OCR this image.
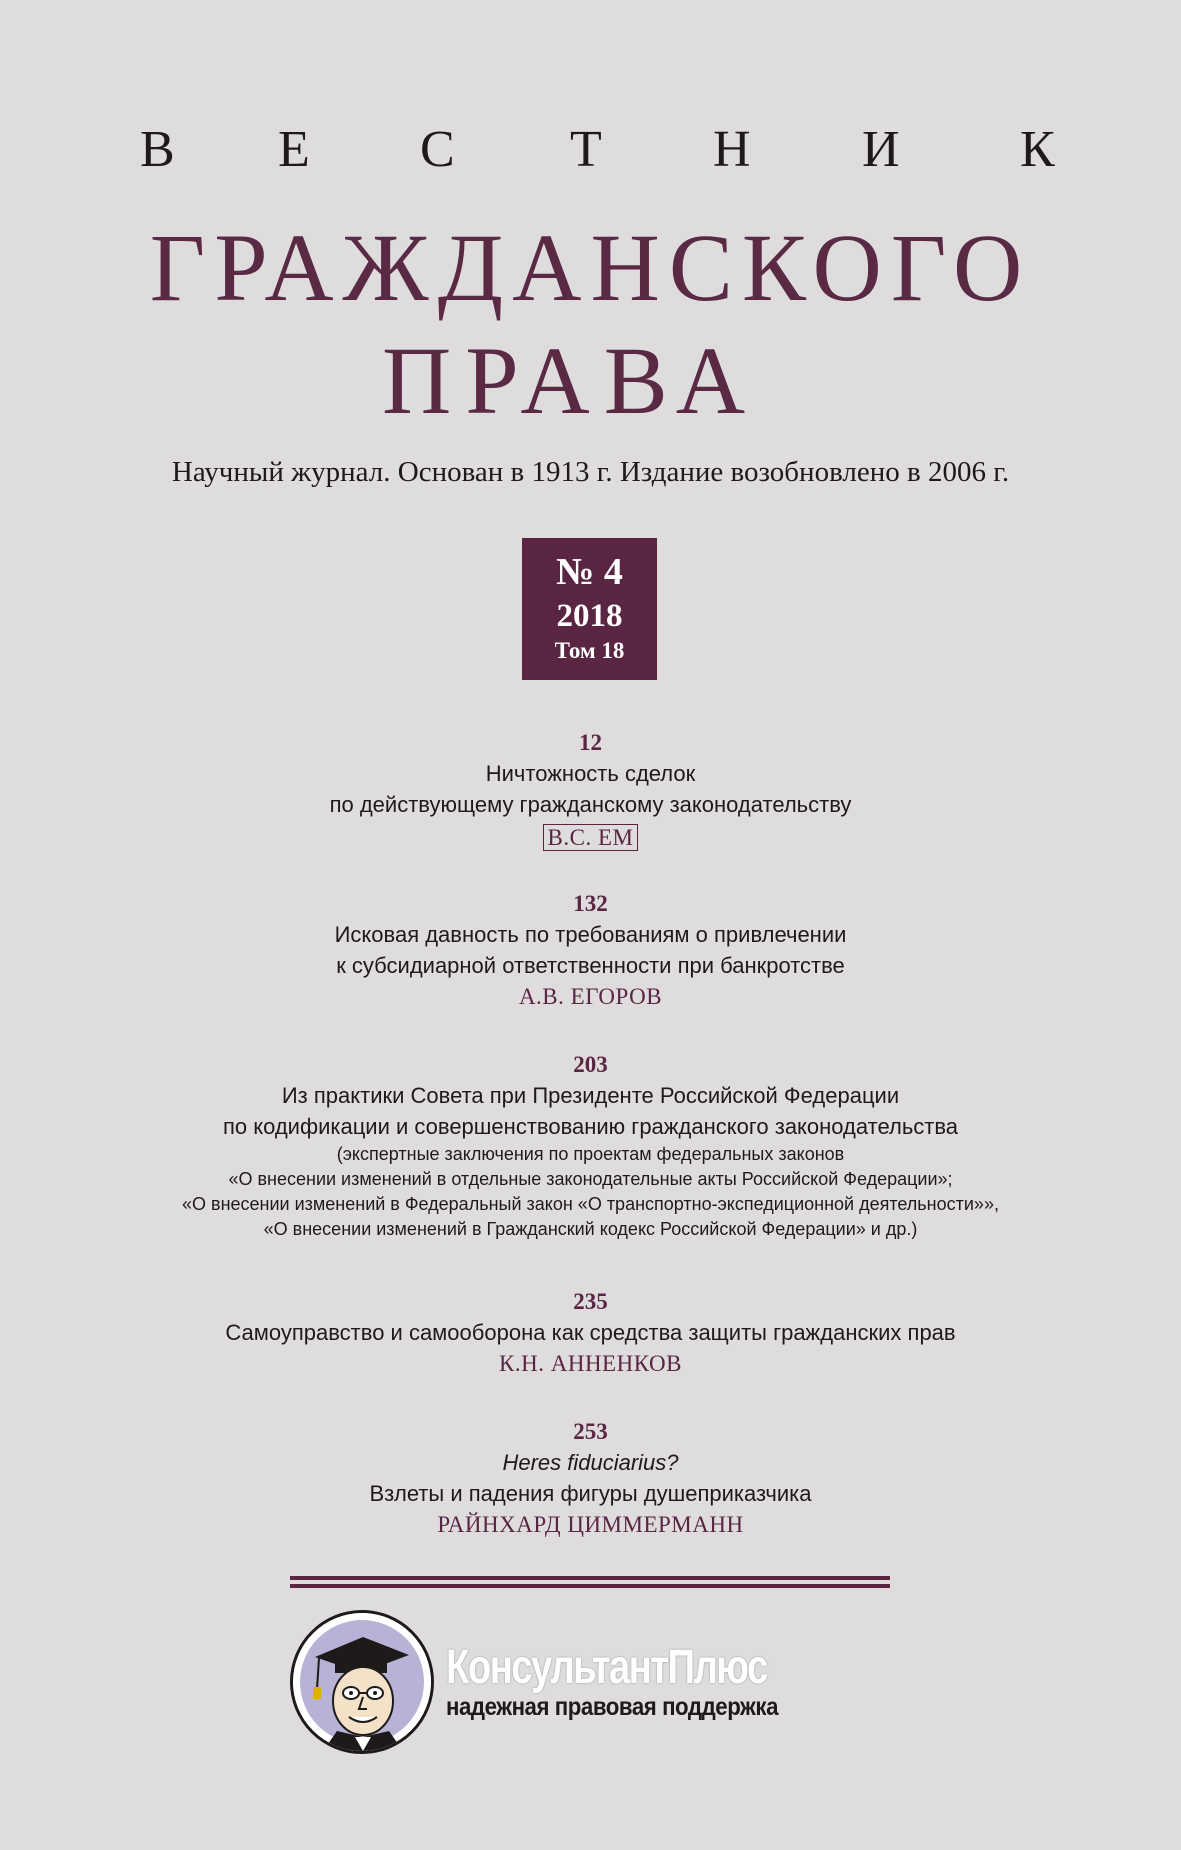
В Е С Т Н И К
ГРАЖДАНСКОГО
ПРАВА
Научный журнал. Основан в 1913 г. Издание возобновлено в 2006 г.
№ 4
2018
Том 18
12
Ничтожность сделок
по действующему гражданскому законодательству
В.С. ЕМ
132
Исковая давность по требованиям о привлечении
к субсидиарной ответственности при банкротстве
А.В. ЕГОРОВ
203
Из практики Совета при Президенте Российской Федерации
по кодификации и совершенствованию гражданского законодательства
(экспертные заключения по проектам федеральных законов
«О внесении изменений в отдельные законодательные акты Российской Федерации»;
«О внесении изменений в Федеральный закон «О транспортно-экспедиционной деятельности»»,
«О внесении изменений в Гражданский кодекс Российской Федерации» и др.)
235
Самоуправство и самооборона как средства защиты гражданских прав
К.Н. АННЕНКОВ
253
Heres fiduciarius?
Взлеты и падения фигуры душеприказчика
РАЙНХАРД ЦИММЕРМАНН
КонсультантПлюс
надежная правовая поддержка
